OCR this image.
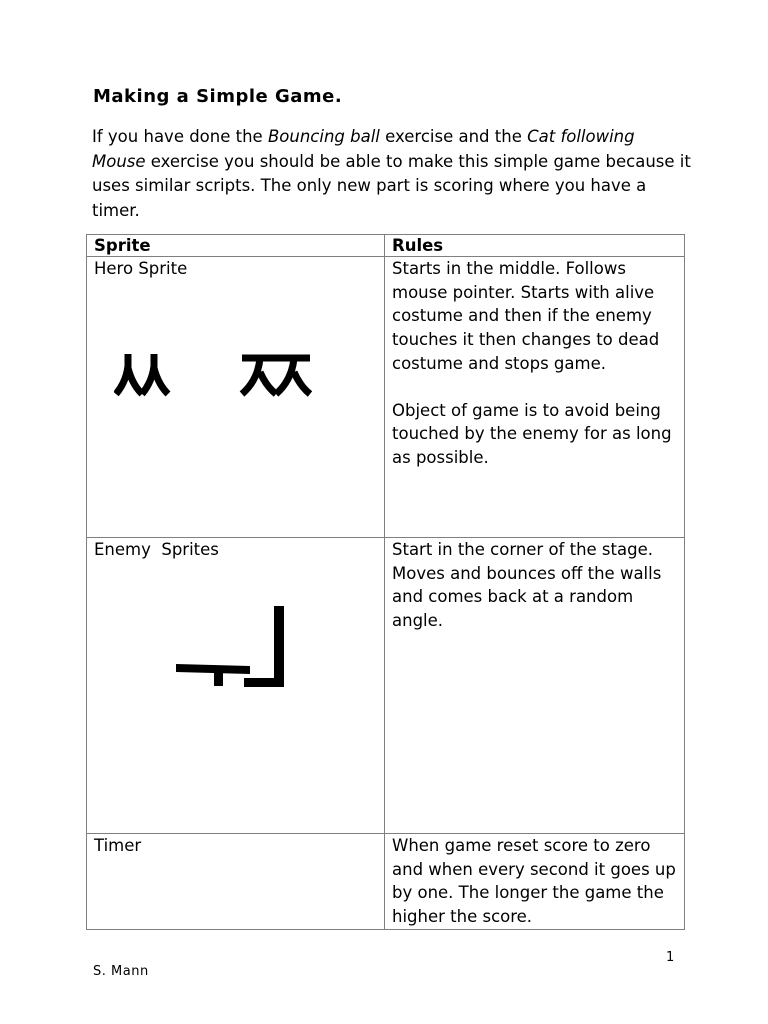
Making a Simple Game.

If you have done the Bouncing ball exercise and the Cat following Mouse exercise you should be able to make this simple game because it uses similar scripts. The only new part is scoring where you have a timer.

Sprite	Rules

Hero Sprite	Starts in the middle. Follows mouse pointer. Starts with alive costume and then if the enemy touches it then changes to dead costume and stops game.
Object of game is to avoid being touched by the enemy for as long as possible.

Enemy  Sprites	Start in the corner of the stage. Moves and bounces off the walls and comes back at a random angle.

Timer	When game reset score to zero and when every second it goes up by one. The longer the game the higher the score.
1
S. Mann
